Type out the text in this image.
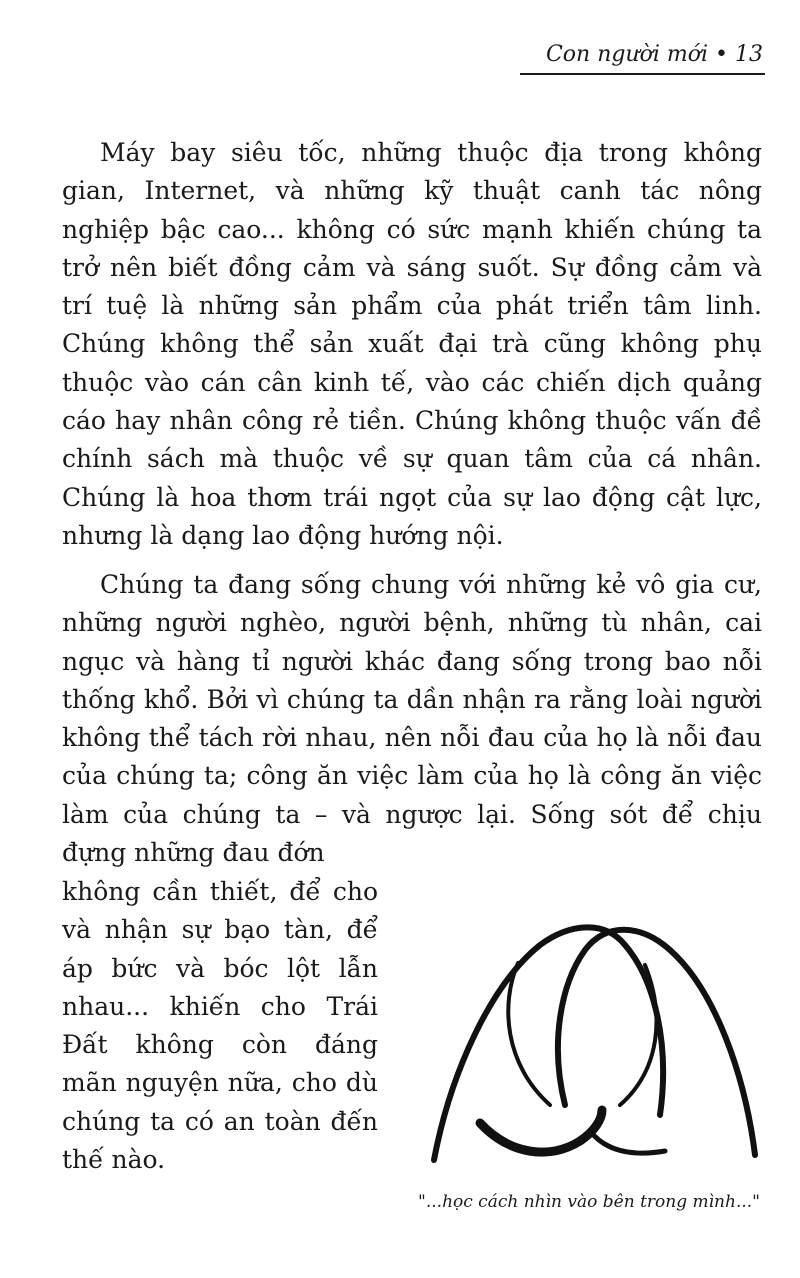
Con người mới • 13

Máy bay siêu tốc, những thuộc địa trong không gian, Internet, và những kỹ thuật canh tác nông nghiệp bậc cao... không có sức mạnh khiến chúng ta trở nên biết đồng cảm và sáng suốt. Sự đồng cảm và trí tuệ là những sản phẩm của phát triển tâm linh. Chúng không thể sản xuất đại trà cũng không phụ thuộc vào cán cân kinh tế, vào các chiến dịch quảng cáo hay nhân công rẻ tiền. Chúng không thuộc vấn đề chính sách mà thuộc về sự quan tâm của cá nhân. Chúng là hoa thơm trái ngọt của sự lao động cật lực, nhưng là dạng lao động hướng nội.

Chúng ta đang sống chung với những kẻ vô gia cư, những người nghèo, người bệnh, những tù nhân, cai ngục và hàng tỉ người khác đang sống trong bao nỗi thống khổ. Bởi vì chúng ta dần nhận ra rằng loài người không thể tách rời nhau, nên nỗi đau của họ là nỗi đau của chúng ta; công ăn việc làm của họ là công ăn việc làm của chúng ta – và ngược lại. Sống sót để chịu đựng những đau đớn

không cần thiết, để cho và nhận sự bạo tàn, để áp bức và bóc lột lẫn nhau... khiến cho Trái Đất không còn đáng mãn nguyện nữa, cho dù chúng ta có an toàn đến thế nào.

"...học cách nhìn vào bên trong mình..."
